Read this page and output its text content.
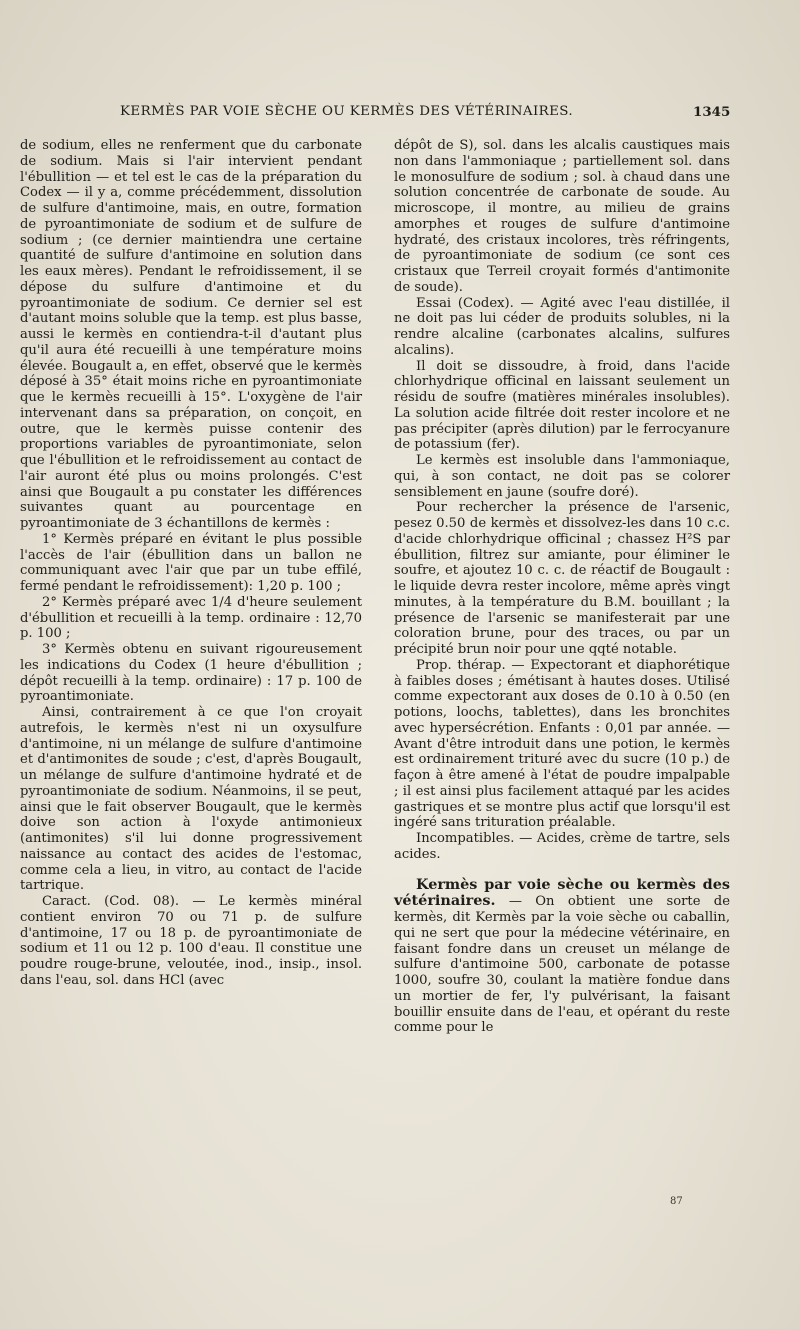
KERMÈS PAR VOIE SÈCHE OU KERMÈS DES VÉTÉRINAIRES.	1345

de sodium, elles ne renferment que du carbonate de sodium. Mais si l'air intervient pendant l'ébullition — et tel est le cas de la préparation du Codex — il y a, comme précédemment, dissolution de sulfure d'antimoine, mais, en outre, formation de pyroantimoniate de sodium et de sulfure de sodium ; (ce dernier maintiendra une certaine quantité de sulfure d'antimoine en solution dans les eaux mères). Pendant le refroidissement, il se dépose du sulfure d'antimoine et du pyroantimoniate de sodium. Ce dernier sel est d'autant moins soluble que la temp. est plus basse, aussi le kermès en contiendra-t-il d'autant plus qu'il aura été recueilli à une température moins élevée. Bougault a, en effet, observé que le kermès déposé à 35° était moins riche en pyroantimoniate que le kermès recueilli à 15°. L'oxygène de l'air intervenant dans sa préparation, on conçoit, en outre, que le kermès puisse contenir des proportions variables de pyroantimoniate, selon que l'ébullition et le refroidissement au contact de l'air auront été plus ou moins prolongés. C'est ainsi que Bougault a pu constater les différences suivantes quant au pourcentage en pyroantimoniate de 3 échantillons de kermès :

1° Kermès préparé en évitant le plus possible l'accès de l'air (ébullition dans un ballon ne communiquant avec l'air que par un tube effilé, fermé pendant le refroidissement): 1,20 p. 100 ;

2° Kermès préparé avec 1/4 d'heure seulement d'ébullition et recueilli à la temp. ordinaire : 12,70 p. 100 ;

3° Kermès obtenu en suivant rigoureusement les indications du Codex (1 heure d'ébullition ; dépôt recueilli à la temp. ordinaire) : 17 p. 100 de pyroantimoniate.

Ainsi, contrairement à ce que l'on croyait autrefois, le kermès n'est ni un oxysulfure d'antimoine, ni un mélange de sulfure d'antimoine et d'antimonites de soude ; c'est, d'après Bougault, un mélange de sulfure d'antimoine hydraté et de pyroantimoniate de sodium. Néanmoins, il se peut, ainsi que le fait observer Bougault, que le kermès doive son action à l'oxyde antimonieux (antimonites) s'il lui donne progressivement naissance au contact des acides de l'estomac, comme cela a lieu, in vitro, au contact de l'acide tartrique.

Caract. (Cod. 08). — Le kermès minéral contient environ 70 ou 71 p. de sulfure d'antimoine, 17 ou 18 p. de pyroantimoniate de sodium et 11 ou 12 p. 100 d'eau. Il constitue une poudre rouge-brune, veloutée, inod., insip., insol. dans l'eau, sol. dans HCl (avec

dépôt de S), sol. dans les alcalis caustiques mais non dans l'ammoniaque ; partiellement sol. dans le monosulfure de sodium ; sol. à chaud dans une solution concentrée de carbonate de soude. Au microscope, il montre, au milieu de grains amorphes et rouges de sulfure d'antimoine hydraté, des cristaux incolores, très réfringents, de pyroantimoniate de sodium (ce sont ces cristaux que Terreil croyait formés d'antimonite de soude).

Essai (Codex). — Agité avec l'eau distillée, il ne doit pas lui céder de produits solubles, ni la rendre alcaline (carbonates alcalins, sulfures alcalins).

Il doit se dissoudre, à froid, dans l'acide chlorhydrique officinal en laissant seulement un résidu de soufre (matières minérales insolubles). La solution acide filtrée doit rester incolore et ne pas précipiter (après dilution) par le ferrocyanure de potassium (fer).

Le kermès est insoluble dans l'ammoniaque, qui, à son contact, ne doit pas se colorer sensiblement en jaune (soufre doré).

Pour rechercher la présence de l'arsenic, pesez 0.50 de kermès et dissolvez-les dans 10 c.c. d'acide chlorhydrique officinal ; chassez H²S par ébullition, filtrez sur amiante, pour éliminer le soufre, et ajoutez 10 c. c. de réactif de Bougault : le liquide devra rester incolore, même après vingt minutes, à la température du B.M. bouillant ; la présence de l'arsenic se manifesterait par une coloration brune, pour des traces, ou par un précipité brun noir pour une qqté notable.

Prop. thérap. — Expectorant et diaphorétique à faibles doses ; émétisant à hautes doses. Utilisé comme expectorant aux doses de 0.10 à 0.50 (en potions, loochs, tablettes), dans les bronchites avec hypersécrétion. Enfants : 0,01 par année. — Avant d'être introduit dans une potion, le kermès est ordinairement trituré avec du sucre (10 p.) de façon à être amené à l'état de poudre impalpable ; il est ainsi plus facilement attaqué par les acides gastriques et se montre plus actif que lorsqu'il est ingéré sans trituration préalable.

Incompatibles. — Acides, crème de tartre, sels acides.

Kermès par voie sèche ou kermès des vétérinaires. — On obtient une sorte de kermès, dit Kermès par la voie sèche ou caballin, qui ne sert que pour la médecine vétérinaire, en faisant fondre dans un creuset un mélange de sulfure d'antimoine 500, carbonate de potasse 1000, soufre 30, coulant la matière fondue dans un mortier de fer, l'y pulvérisant, la faisant bouillir ensuite dans de l'eau, et opérant du reste comme pour le

87
